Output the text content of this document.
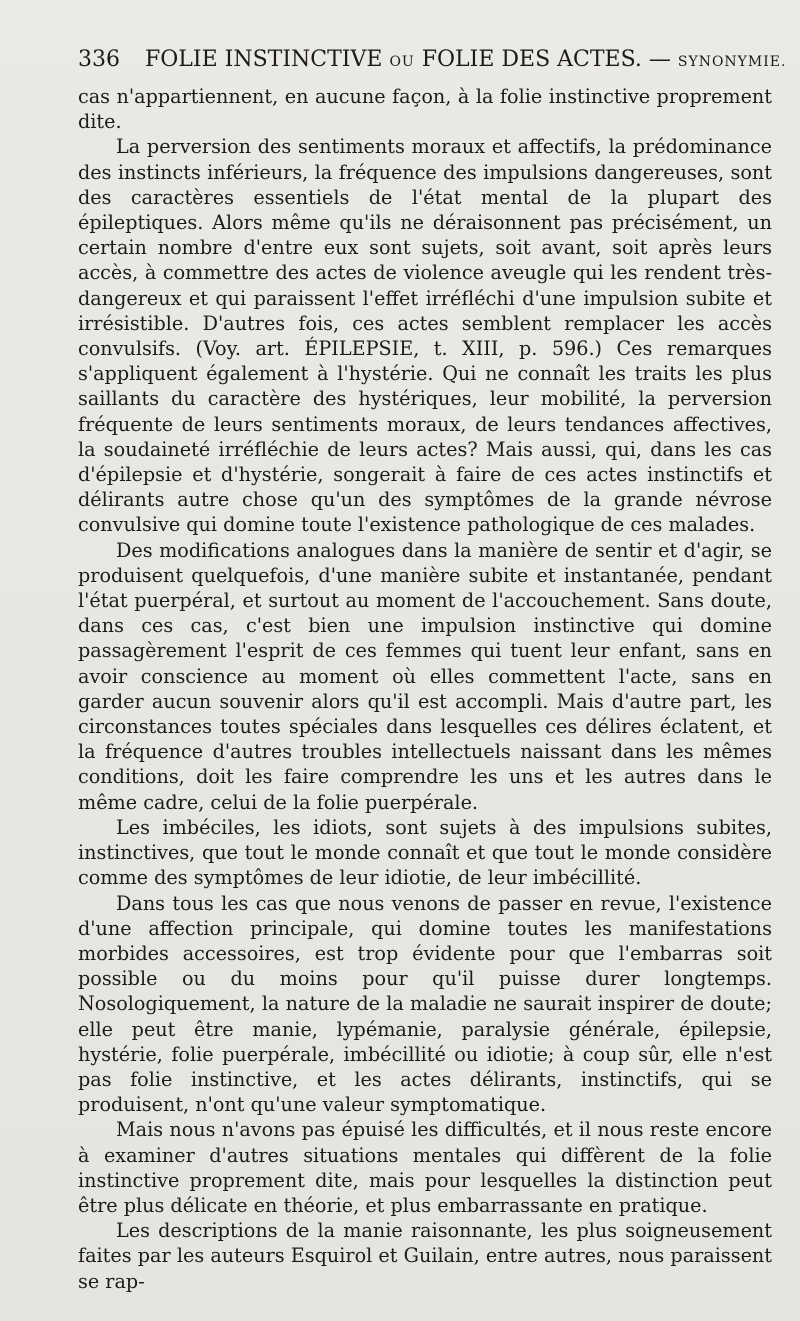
336 FOLIE INSTINCTIVE OU FOLIE DES ACTES. — SYNONYMIE.

cas n'appartiennent, en aucune façon, à la folie instinctive proprement dite.

La perversion des sentiments moraux et affectifs, la prédominance des instincts inférieurs, la fréquence des impulsions dangereuses, sont des caractères essentiels de l'état mental de la plupart des épileptiques. Alors même qu'ils ne déraisonnent pas précisément, un certain nombre d'entre eux sont sujets, soit avant, soit après leurs accès, à commettre des actes de violence aveugle qui les rendent très-dangereux et qui paraissent l'effet irréfléchi d'une impulsion subite et irrésistible. D'autres fois, ces actes semblent remplacer les accès convulsifs. (Voy. art. ÉPILEPSIE, t. XIII, p. 596.) Ces remarques s'appliquent également à l'hystérie. Qui ne connaît les traits les plus saillants du caractère des hystériques, leur mobilité, la perversion fréquente de leurs sentiments moraux, de leurs tendances affectives, la soudaineté irréfléchie de leurs actes? Mais aussi, qui, dans les cas d'épilepsie et d'hystérie, songerait à faire de ces actes instinctifs et délirants autre chose qu'un des symptômes de la grande névrose convulsive qui domine toute l'existence pathologique de ces malades.

Des modifications analogues dans la manière de sentir et d'agir, se produisent quelquefois, d'une manière subite et instantanée, pendant l'état puerpéral, et surtout au moment de l'accouchement. Sans doute, dans ces cas, c'est bien une impulsion instinctive qui domine passagèrement l'esprit de ces femmes qui tuent leur enfant, sans en avoir conscience au moment où elles commettent l'acte, sans en garder aucun souvenir alors qu'il est accompli. Mais d'autre part, les circonstances toutes spéciales dans lesquelles ces délires éclatent, et la fréquence d'autres troubles intellectuels naissant dans les mêmes conditions, doit les faire comprendre les uns et les autres dans le même cadre, celui de la folie puerpérale.

Les imbéciles, les idiots, sont sujets à des impulsions subites, instinctives, que tout le monde connaît et que tout le monde considère comme des symptômes de leur idiotie, de leur imbécillité.

Dans tous les cas que nous venons de passer en revue, l'existence d'une affection principale, qui domine toutes les manifestations morbides accessoires, est trop évidente pour que l'embarras soit possible ou du moins pour qu'il puisse durer longtemps. Nosologiquement, la nature de la maladie ne saurait inspirer de doute; elle peut être manie, lypémanie, paralysie générale, épilepsie, hystérie, folie puerpérale, imbécillité ou idiotie; à coup sûr, elle n'est pas folie instinctive, et les actes délirants, instinctifs, qui se produisent, n'ont qu'une valeur symptomatique.

Mais nous n'avons pas épuisé les difficultés, et il nous reste encore à examiner d'autres situations mentales qui diffèrent de la folie instinctive proprement dite, mais pour lesquelles la distinction peut être plus délicate en théorie, et plus embarrassante en pratique.

Les descriptions de la manie raisonnante, les plus soigneusement faites par les auteurs Esquirol et Guilain, entre autres, nous paraissent se rap-
